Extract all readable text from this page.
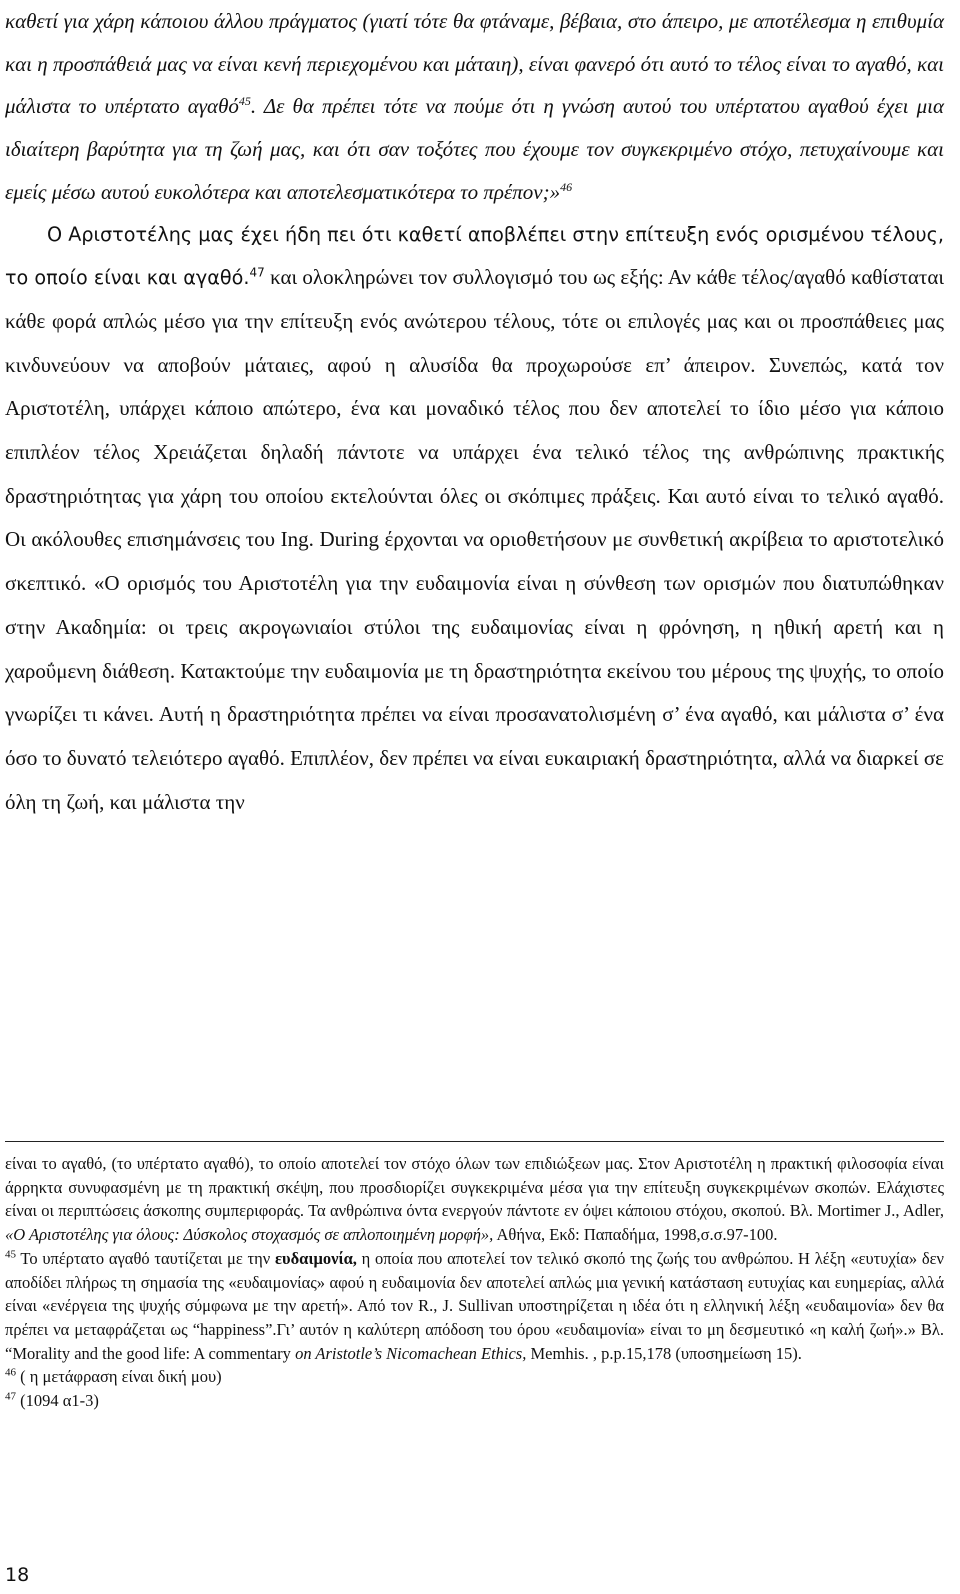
καθετί για χάρη κάποιου άλλου πράγματος (γιατί τότε θα φτάναμε, βέβαια, στο άπειρο, με αποτέλεσμα η επιθυμία και η προσπάθειά μας να είναι κενή περιεχομένου και μάταιη), είναι φανερό ότι αυτό το τέλος είναι το αγαθό, και μάλιστα το υπέρτατο αγαθό$^{45}$. Δε θα πρέπει τότε να πούμε ότι η γνώση αυτού του υπέρτατου αγαθού έχει μια ιδιαίτερη βαρύτητα για τη ζωή μας, και ότι σαν τοξότες που έχουμε τον συγκεκριμένο στόχο, πετυχαίνουμε και εμείς μέσω αυτού ευκολότερα και αποτελεσματικότερα το πρέπον;»$^{46}$

Ο Αριστοτέλης μας έχει ήδη πει ότι καθετί αποβλέπει στην επίτευξη ενός ορισμένου τέλους, το οποίο είναι και αγαθό.$^{47}$ και ολοκληρώνει τον συλλογισμό του ως εξής: Αν κάθε τέλος/αγαθό καθίσταται κάθε φορά απλώς μέσο για την επίτευξη ενός ανώτερου τέλους, τότε οι επιλογές μας και οι προσπάθειες μας κινδυνεύουν να αποβούν μάταιες, αφού η αλυσίδα θα προχωρούσε επ’ άπειρον. Συνεπώς, κατά τον Αριστοτέλη, υπάρχει κάποιο απώτερο, ένα και μοναδικό τέλος που δεν αποτελεί το ίδιο μέσο για κάποιο επιπλέον τέλος Χρειάζεται δηλαδή πάντοτε να υπάρχει ένα τελικό τέλος της ανθρώπινης πρακτικής δραστηριότητας για χάρη του οποίου εκτελούνται όλες οι σκόπιμες πράξεις. Και αυτό είναι το τελικό αγαθό. Οι ακόλουθες επισημάνσεις του Ing. During έρχονται να οριοθετήσουν με συνθετική ακρίβεια το αριστοτελικό σκεπτικό. «Ο ορισμός του Αριστοτέλη για την ευδαιμονία είναι η σύνθεση των ορισμών που διατυπώθηκαν στην Ακαδημία: οι τρεις ακρογωνιαίοι στύλοι της ευδαιμονίας είναι η φρόνηση, η ηθική αρετή και η χαροΰμενη διάθεση. Κατακτούμε την ευδαιμονία με τη δραστηριότητα εκείνου του μέρους της ψυχής, το οποίο γνωρίζει τι κάνει. Αυτή η δραστηριότητα πρέπει να είναι προσανατολισμένη σ’ ένα αγαθό, και μάλιστα σ’ ένα όσο το δυνατό τελειότερο αγαθό. Επιπλέον, δεν πρέπει να είναι ευκαιριακή δραστηριότητα, αλλά να διαρκεί σε όλη τη ζωή, και μάλιστα την

είναι το αγαθό, (το υπέρτατο αγαθό), το οποίο αποτελεί τον στόχο όλων των επιδιώξεων μας. Στον Αριστοτέλη η πρακτική φιλοσοφία είναι άρρηκτα συνυφασμένη με τη πρακτική σκέψη, που προσδιορίζει συγκεκριμένα μέσα για την επίτευξη συγκεκριμένων σκοπών. Ελάχιστες είναι οι περιπτώσεις άσκοπης συμπεριφοράς. Τα ανθρώπινα όντα ενεργούν πάντοτε εν όψει κάποιου στόχου, σκοπού. Βλ. Mortimer J., Adler, «Ο Αριστοτέλης για όλους: Δύσκολος στοχασμός σε απλοποιημένη μορφή», Αθήνα, Εκδ: Παπαδήμα, 1998,σ.σ.97-100.

$^{45}$ Το υπέρτατο αγαθό ταυτίζεται με την ευδαιμονία, η οποία που αποτελεί τον τελικό σκοπό της ζωής του ανθρώπου. Η λέξη «ευτυχία» δεν αποδίδει πλήρως τη σημασία της «ευδαιμονίας» αφού η ευδαιμονία δεν αποτελεί απλώς μια γενική κατάσταση ευτυχίας και ευημερίας, αλλά είναι «ενέργεια της ψυχής σύμφωνα με την αρετή». Από τον R., J. Sullivan υποστηρίζεται η ιδέα ότι η ελληνική λέξη «ευδαιμονία» δεν θα πρέπει να μεταφράζεται ως “happiness”.Γι’ αυτόν η καλύτερη απόδοση του όρου «ευδαιμονία» είναι το μη δεσμευτικό «η καλή ζωή».» Βλ. “Morality and the good life: A commentary on Aristotle’s Nicomachean Ethics, Memhis. , p.p.15,178 (υποσημείωση 15).

$^{46}$ ( η μετάφραση είναι δική μου)

$^{47}$ (1094 α1-3)

18
